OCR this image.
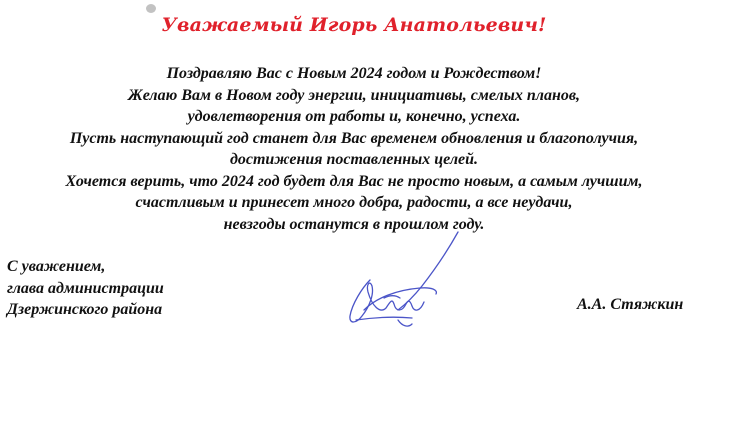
Уважаемый Игорь Анатольевич!
Поздравляю Вас с Новым 2024 годом и Рождеством!
Желаю Вам в Новом году энергии, инициативы, смелых планов,
удовлетворения от работы и, конечно, успеха.
Пусть наступающий год станет для Вас временем обновления и благополучия,
достижения поставленных целей.
Хочется верить, что 2024 год будет для Вас не просто новым, а самым лучшим,
счастливым и принесет много добра, радости, а все неудачи,
невзгоды останутся в прошлом году.
С уважением,
глава администрации
Дзержинского района	А.А. Стяжкин
